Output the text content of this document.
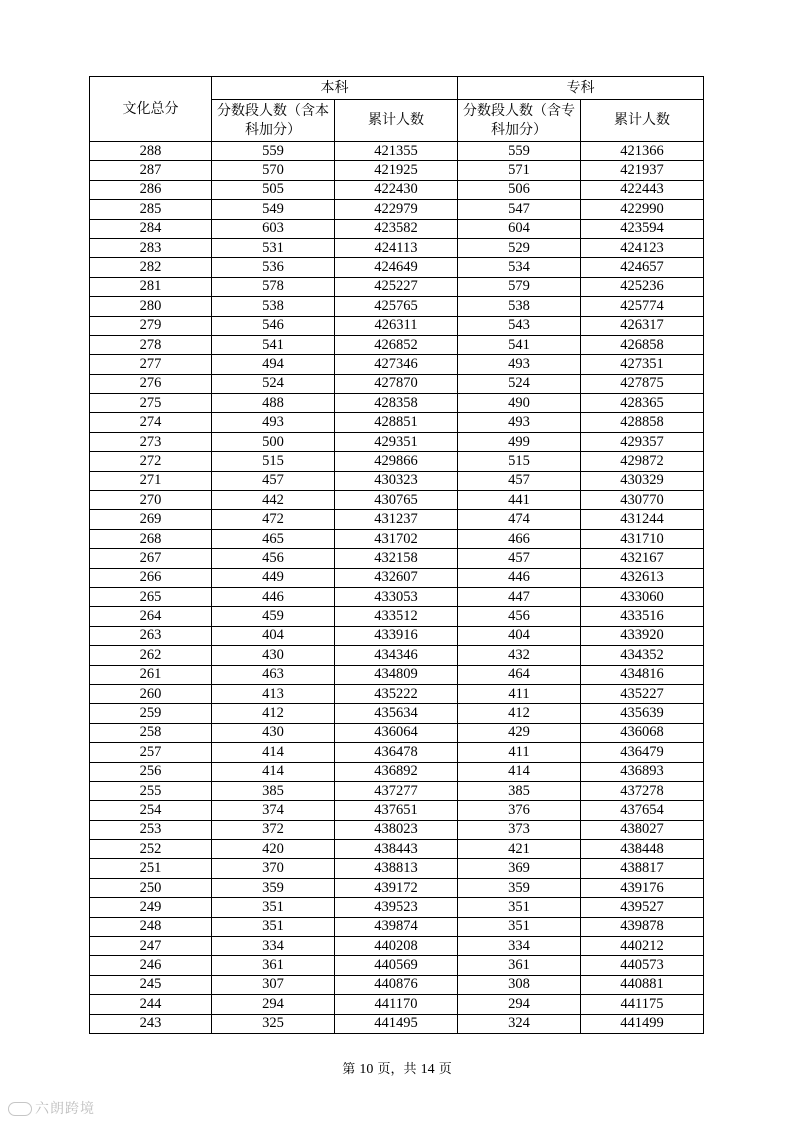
文化总分	本科		专科	
	分数段人数（含本科加分）	累计人数	分数段人数（含专科加分）	累计人数
288	559	421355	559	421366
287	570	421925	571	421937
286	505	422430	506	422443
285	549	422979	547	422990
284	603	423582	604	423594
283	531	424113	529	424123
282	536	424649	534	424657
281	578	425227	579	425236
280	538	425765	538	425774
279	546	426311	543	426317
278	541	426852	541	426858
277	494	427346	493	427351
276	524	427870	524	427875
275	488	428358	490	428365
274	493	428851	493	428858
273	500	429351	499	429357
272	515	429866	515	429872
271	457	430323	457	430329
270	442	430765	441	430770
269	472	431237	474	431244
268	465	431702	466	431710
267	456	432158	457	432167
266	449	432607	446	432613
265	446	433053	447	433060
264	459	433512	456	433516
263	404	433916	404	433920
262	430	434346	432	434352
261	463	434809	464	434816
260	413	435222	411	435227
259	412	435634	412	435639
258	430	436064	429	436068
257	414	436478	411	436479
256	414	436892	414	436893
255	385	437277	385	437278
254	374	437651	376	437654
253	372	438023	373	438027
252	420	438443	421	438448
251	370	438813	369	438817
250	359	439172	359	439176
249	351	439523	351	439527
248	351	439874	351	439878
247	334	440208	334	440212
246	361	440569	361	440573
245	307	440876	308	440881
244	294	441170	294	441175
243	325	441495	324	441499
第 10 页，共 14 页
六朗跨境
